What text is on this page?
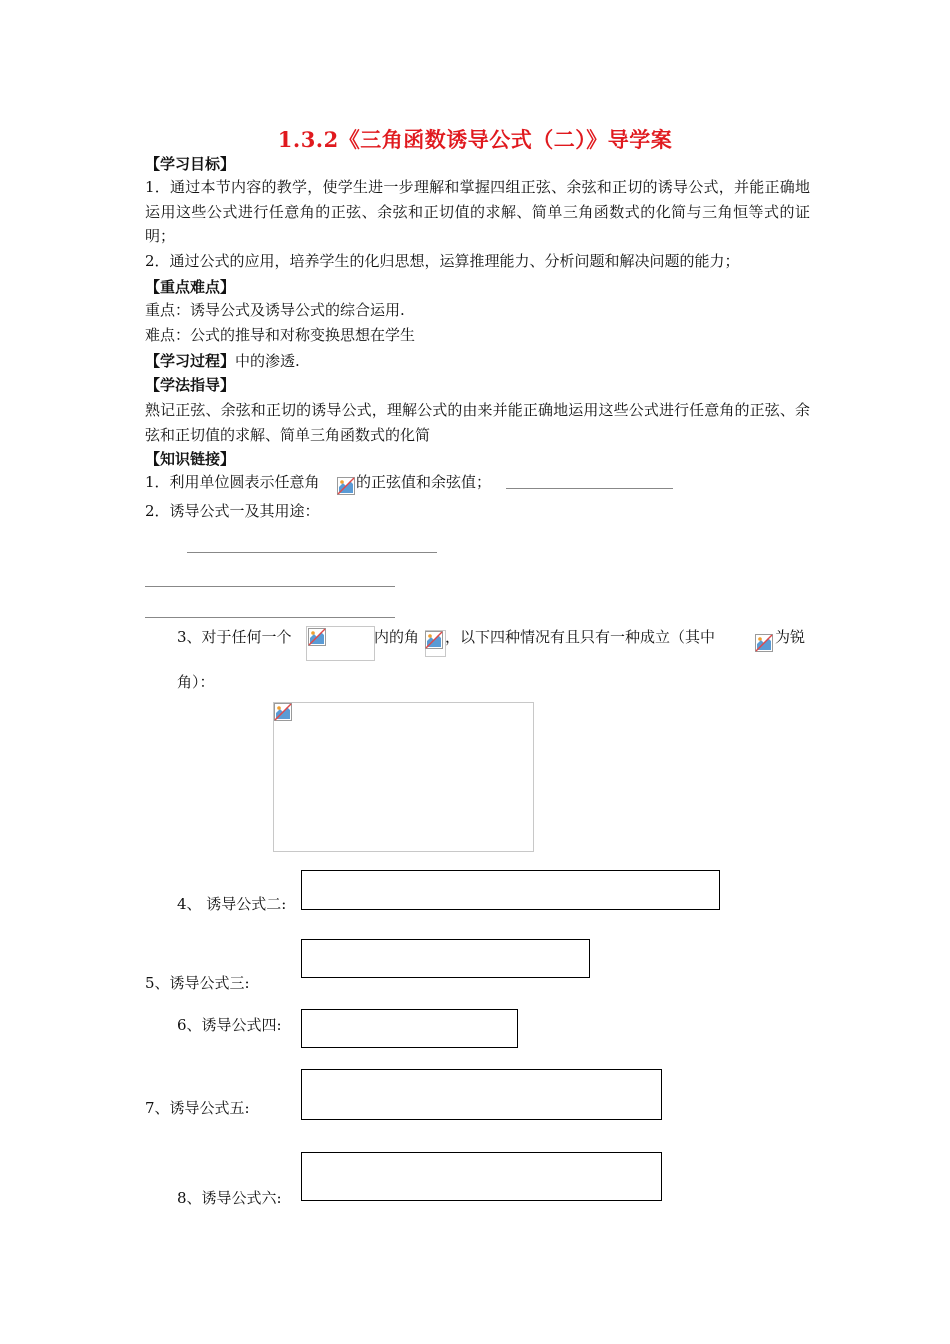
1.3.2《三角函数诱导公式（二）》导学案
【学习目标】
1．通过本节内容的教学，使学生进一步理解和掌握四组正弦、余弦和正切的诱导公式，并能正确地运用这些公式进行任意角的正弦、余弦和正切值的求解、简单三角函数式的化简与三角恒等式的证明；
2．通过公式的应用，培养学生的化归思想，运算推理能力、分析问题和解决问题的能力；
【重点难点】
重点：诱导公式及诱导公式的综合运用.
难点：公式的推导和对称变换思想在学生
【学习过程】中的渗透.
【学法指导】
熟记正弦、余弦和正切的诱导公式，理解公式的由来并能正确地运用这些公式进行任意角的正弦、余弦和正切值的求解、简单三角函数式的化简
【知识链接】
1．利用单位圆表示任意角 的正弦值和余弦值；
2．诱导公式一及其用途：
3、对于任何一个	内的角 ，以下四种情况有且只有一种成立（其中	为锐
角）：
4、 诱导公式二:
5、诱导公式三:
6、诱导公式四:
7、诱导公式五:
8、诱导公式六:
